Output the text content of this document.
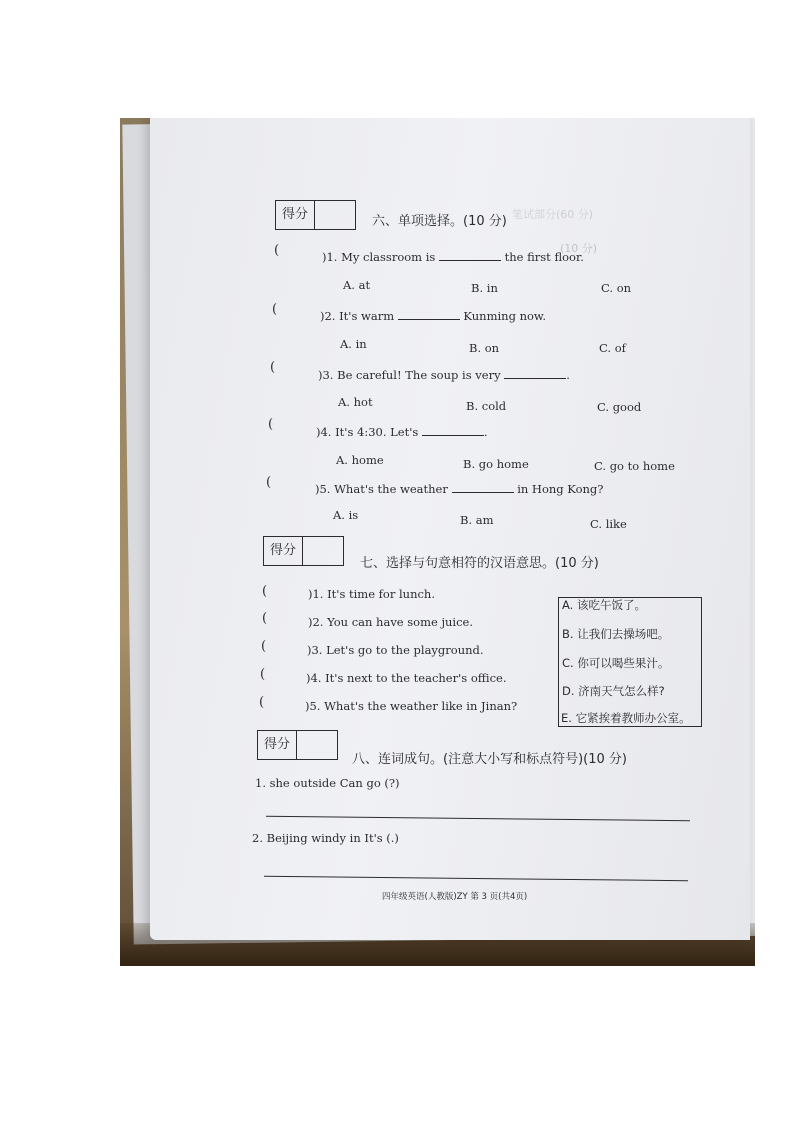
笔试部分(60 分)
(10 分)
得分	六、单项选择。(10 分)
(	)1. My classroom is	the first floor.
A. at	B. in	C. on
(	)2. It's warm	Kunming now.
A. in	B. on	C. of
(	)3. Be careful! The soup is very	.
A. hot	B. cold	C. good
(	)4. It's 4:30. Let's	.
A. home	B. go home	C. go to home
(	)5. What's the weather	in Hong Kong?
A. is	B. am	C. like
得分
七、选择与句意相符的汉语意思。(10 分)
(	)1. It's time for lunch.
(	)2. You can have some juice.
(	)3. Let's go to the playground.
(	)4. It's next to the teacher's office.
(	)5. What's the weather like in Jinan?
A. 该吃午饭了。
B. 让我们去操场吧。
C. 你可以喝些果汁。
D. 济南天气怎么样?
E. 它紧挨着教师办公室。
得分
八、连词成句。(注意大小写和标点符号)(10 分)
1. she outside Can go (?)
2. Beijing windy in It's (.)
四年级英语(人教版)ZY 第 3 页(共4页)
